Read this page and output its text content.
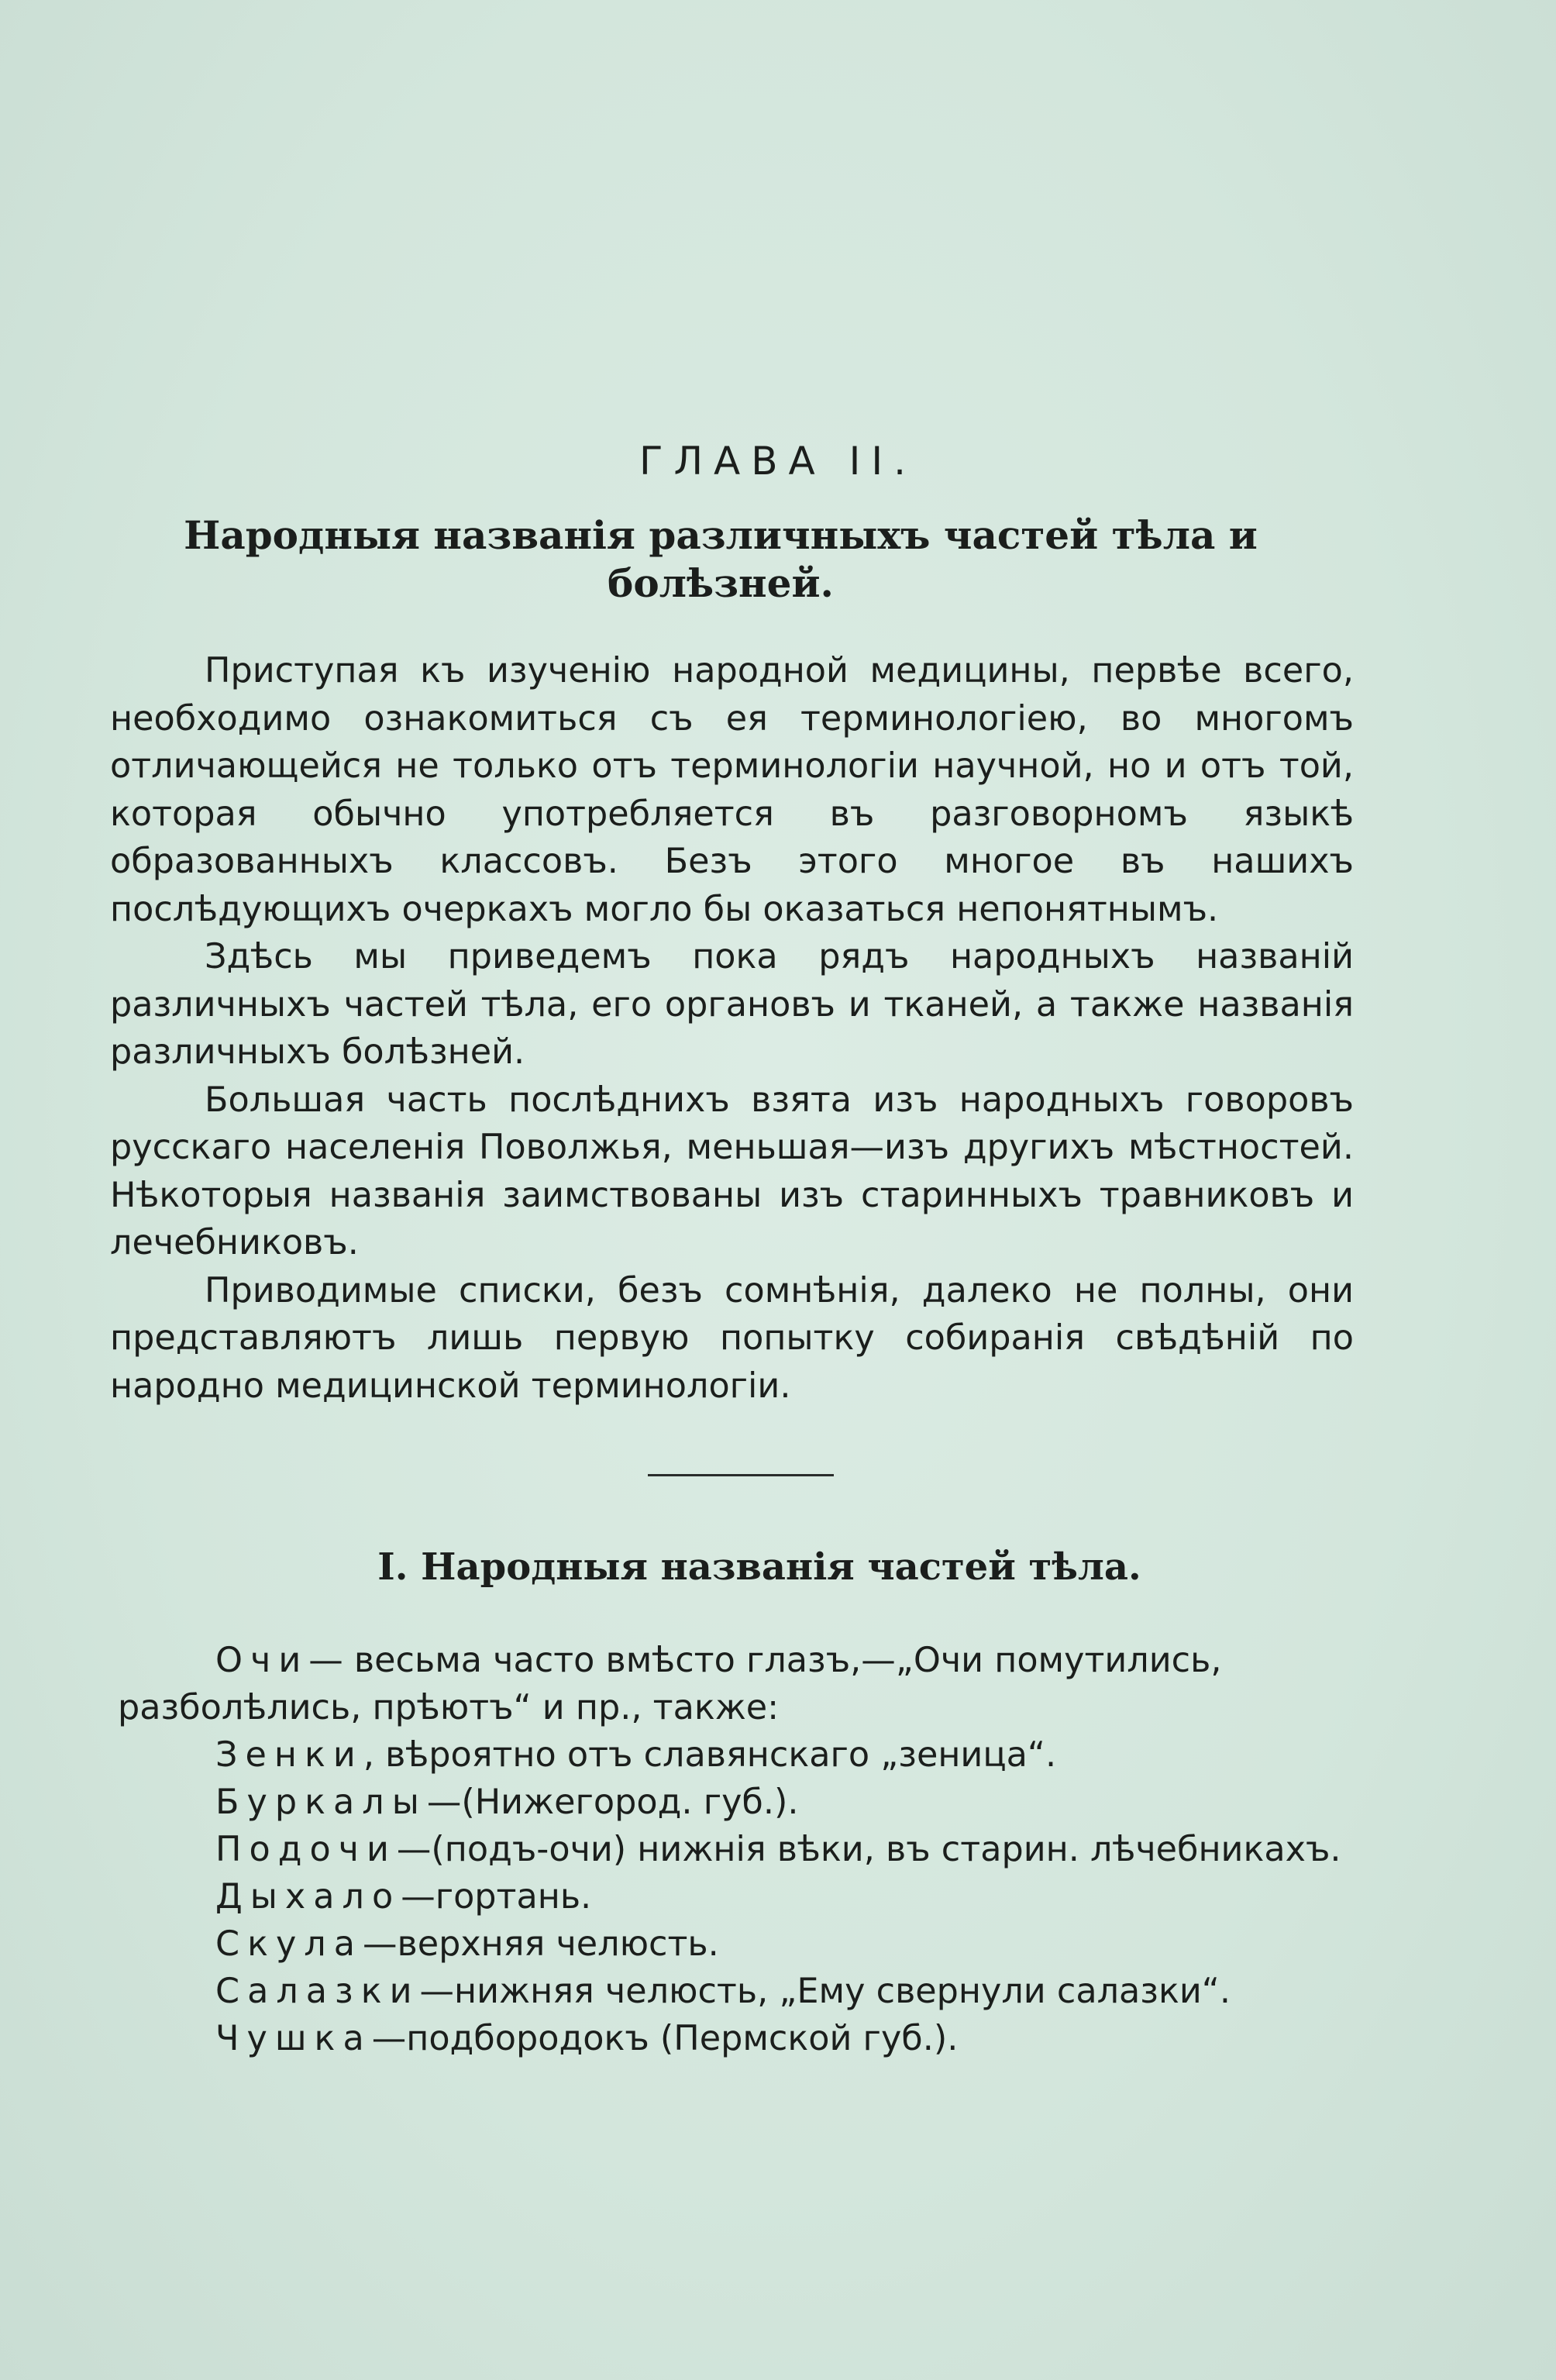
ГЛАВА II.
Народныя названія различныхъ частей тѣла и болѣзней.

Приступая къ изученію народной медицины, первѣе всего, необходимо ознакомиться съ ея терминологіею, во многомъ отличающейся не только отъ терминологіи научной, но и отъ той, которая обычно употребляется въ разговорномъ языкѣ образованныхъ классовъ. Безъ этого многое въ нашихъ послѣдующихъ очеркахъ могло бы оказаться непонятнымъ.

Здѣсь мы приведемъ пока рядъ народныхъ названій различныхъ частей тѣла, его органовъ и тканей, а также названія различныхъ болѣзней.

Большая часть послѣднихъ взята изъ народныхъ говоровъ русскаго населенія Поволжья, меньшая—изъ другихъ мѣстностей. Нѣкоторыя названія заимствованы изъ старинныхъ травниковъ и лечебниковъ.

Приводимые списки, безъ сомнѣнія, далеко не полны, они представляютъ лишь первую попытку собиранія свѣдѣній по народно медицинской терминологіи.

I. Народныя названія частей тѣла.

Очи— весьма часто вмѣсто глазъ,—„Очи помутились, разболѣлись, прѣютъ“ и пр., также:

Зенки, вѣроятно отъ славянскаго „зеница“.

Буркалы—(Нижегород. губ.).

Подочи—(подъ-очи) нижнія вѣки, въ старин. лѣчебникахъ.

Дыхало—гортань.

Скула—верхняя челюсть.

Салазки—нижняя челюсть, „Ему свернули салазки“.

Чушка—подбородокъ (Пермской губ.).
